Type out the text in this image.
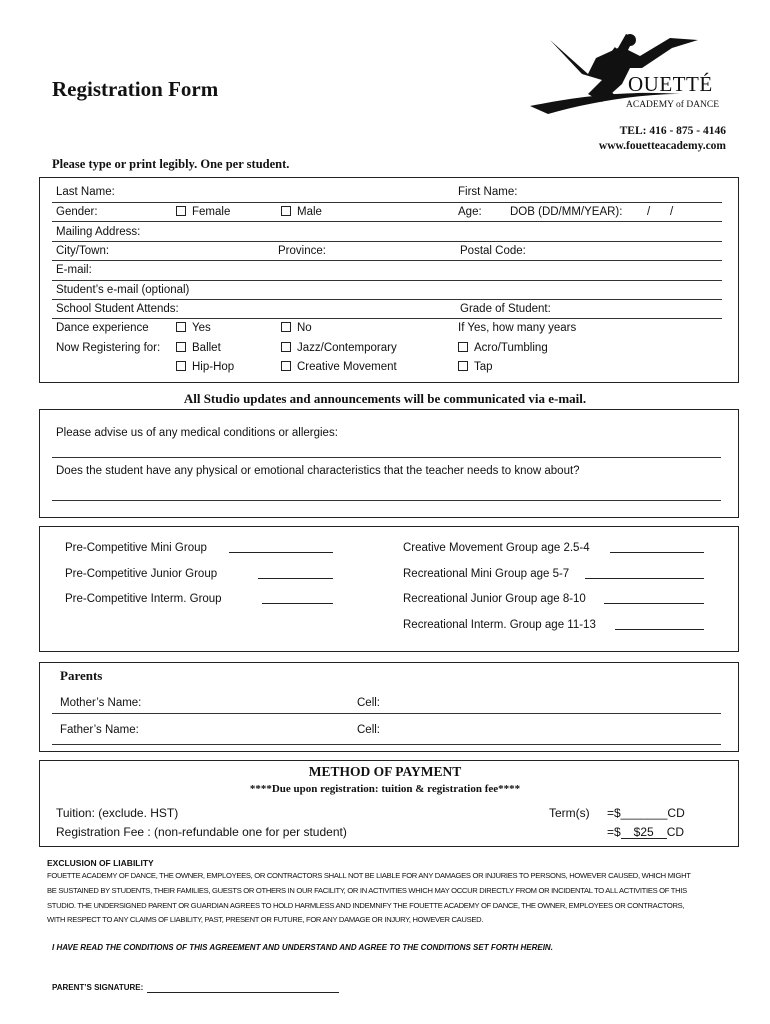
Registration Form	OUETTÉ
ACADEMY of DANCE
TEL: 416 - 875 - 4146
www.fouetteacademy.com
Please type or print legibly. One per student.
Last Name:	First Name:
Gender:	Female	Male	Age: DOB (DD/MM/YEAR): / /
Mailing Address:
City/Town:	Province:	Postal Code:
E-mail:
Student’s e-mail (optional)
School Student Attends:	Grade of Student:
Dance experience	Yes	No	If Yes, how many years
Now Registering for:	Ballet	Jazz/Contemporary	Acro/Tumbling
Hip-Hop	Creative Movement	Tap
All Studio updates and announcements will be communicated via e-mail.
Please advise us of any medical conditions or allergies:
Does the student have any physical or emotional characteristics that the teacher needs to know about?
Pre-Competitive Mini Group
Pre-Competitive Junior Group
Pre-Competitive Interm. Group
Creative Movement Group age 2.5-4
Recreational Mini Group age 5-7
Recreational Junior Group age 8-10
Recreational Interm. Group age 11-13
Parents
Mother’s Name:	Cell:
Father’s Name:	Cell:
METHOD OF PAYMENT
****Due upon registration: tuition & registration fee****
Tuition: (exclude. HST)	Term(s) =$_______CD
Registration Fee : (non-refundable one for per student)	=$ $25 CD
EXCLUSION OF LIABILITY
FOUETTE ACADEMY OF DANCE, THE OWNER, EMPLOYEES, OR CONTRACTORS SHALL NOT BE LIABLE FOR ANY DAMAGES OR INJURIES TO PERSONS, HOWEVER CAUSED, WHICH MIGHT
BE SUSTAINED BY STUDENTS, THEIR FAMILIES, GUESTS OR OTHERS IN OUR FACILITY, OR IN ACTIVITIES WHICH MAY OCCUR DIRECTLY FROM OR INCIDENTAL TO ALL ACTIVITIES OF THIS
STUDIO. THE UNDERSIGNED PARENT OR GUARDIAN AGREES TO HOLD HARMLESS AND INDEMNIFY THE FOUETTE ACADEMY OF DANCE, THE OWNER, EMPLOYEES OR CONTRACTORS,
WITH RESPECT TO ANY CLAIMS OF LIABILITY, PAST, PRESENT OR FUTURE, FOR ANY DAMAGE OR INJURY, HOWEVER CAUSED.
I HAVE READ THE CONDITIONS OF THIS AGREEMENT AND UNDERSTAND AND AGREE TO THE CONDITIONS SET FORTH HEREIN.
PARENT’S SIGNATURE:
